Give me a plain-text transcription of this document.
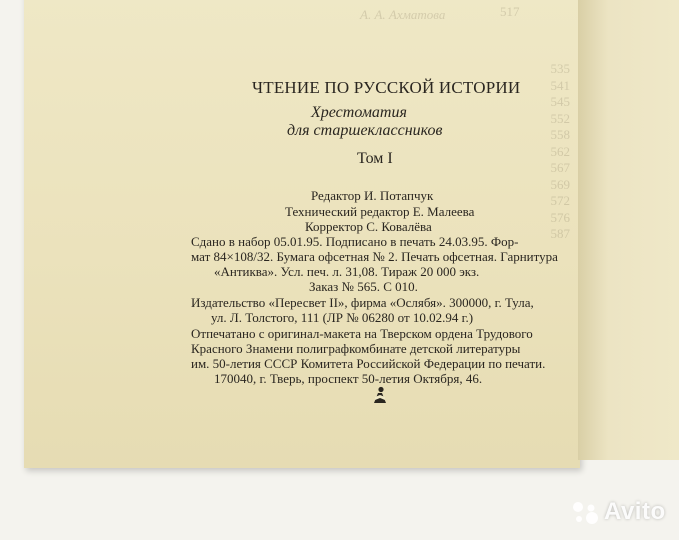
А. А. Ахматова	517
535
541
545
552
558
562
567
569
572
576
587
ЧТЕНИЕ ПО РУССКОЙ ИСТОРИИ
Хрестоматия
для старшеклассников
Том I
Редактор И. Потапчук
Технический редактор Е. Малеева
Корректор С. Ковалёва
Сдано в набор 05.01.95. Подписано в печать 24.03.95. Фор-
мат 84×108/32. Бумага офсетная № 2. Печать офсетная. Гарнитура
«Антиква». Усл. печ. л. 31,08. Тираж 20 000 экз.
Заказ № 565. С 010.
Издательство «Пересвет II», фирма «Ослябя». 300000, г. Тула,
ул. Л. Толстого, 111 (ЛР № 06280 от 10.02.94 г.)
Отпечатано с оригинал-макета на Тверском ордена Трудового
Красного Знамени полиграфкомбинате детской литературы
им. 50-летия СССР Комитета Российской Федерации по печати.
170040, г. Тверь, проспект 50-летия Октября, 46.
Avito
